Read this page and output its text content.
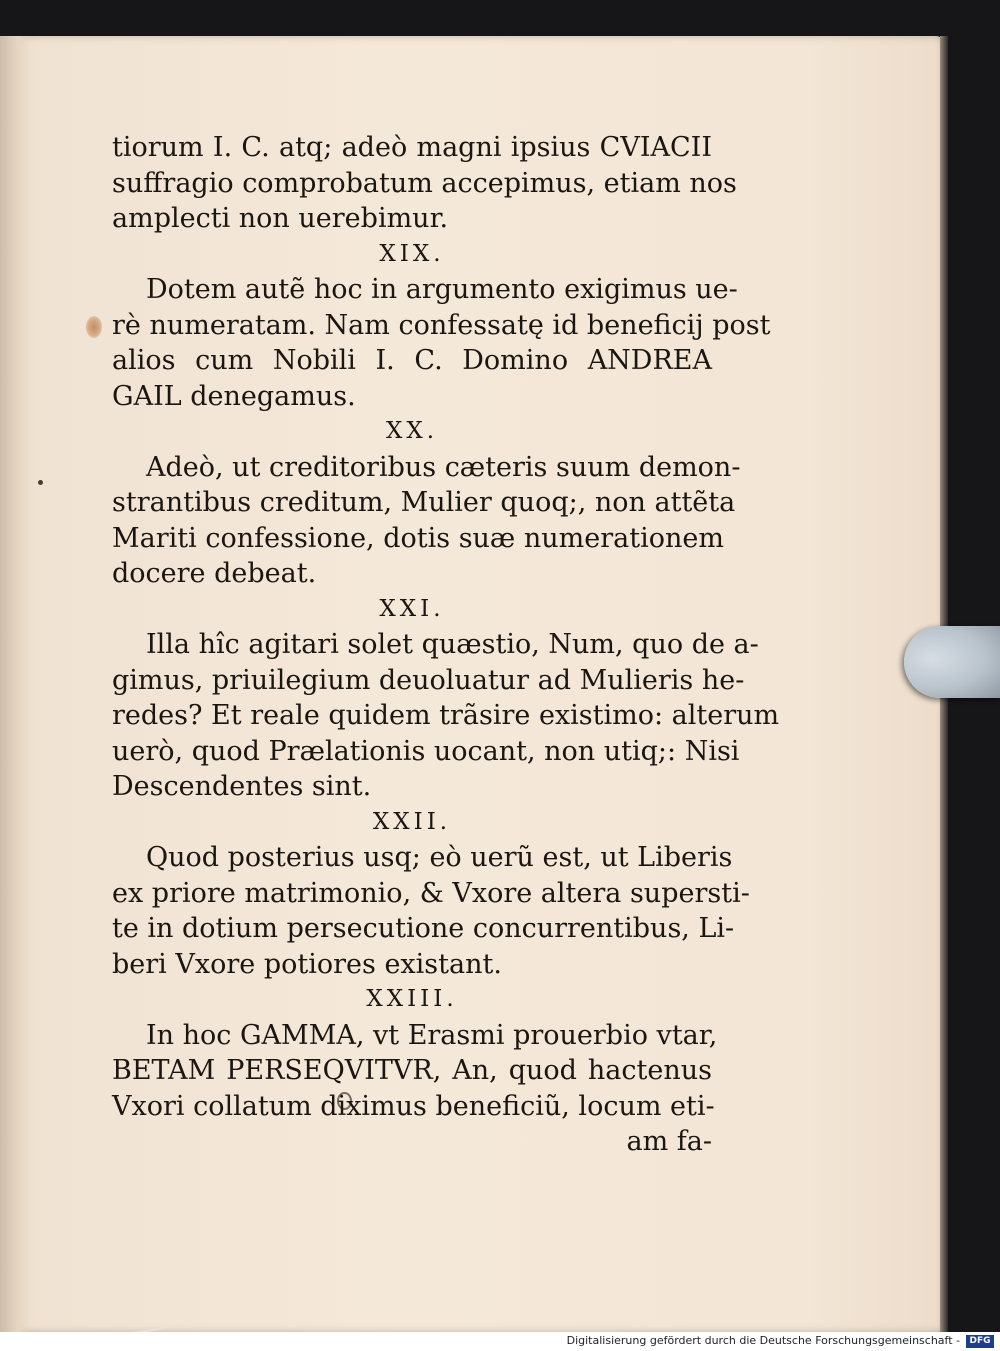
tiorum I. C. atq; adeò magni ipsius CVIACII
suffragio comprobatum accepimus, etiam nos
amplecti non uerebimur.
XIX.
Dotem autẽ hoc in argumento exigimus ue-
rè numeratam. Nam confessatę id beneficij post
alios cum Nobili I. C. Domino ANDREA
GAIL denegamus.
XX.
Adeò, ut creditoribus cæteris suum demon-
strantibus creditum, Mulier quoq;, non attẽta
Mariti confessione, dotis suæ numerationem
docere debeat.
XXI.
Illa hîc agitari solet quæstio, Num, quo de a-
gimus, priuilegium deuoluatur ad Mulieris he-
redes? Et reale quidem trãsire existimo: alterum
uerò, quod Prælationis uocant, non utiq;: Nisi
Descendentes sint.
XXII.
Quod posterius usq; eò uerũ est, ut Liberis
ex priore matrimonio, & Vxore altera supersti-
te in dotium persecutione concurrentibus, Li-
beri Vxore potiores existant.
XXIII.
In hoc GAMMA, vt Erasmi prouerbio vtar,
BETAM PERSEQVITVR, An, quod hactenus
Vxori collatum diximus beneficiũ, locum eti-
am fa-
Digitalisierung gefördert durch die Deutsche Forschungsgemeinschaft -	DFG
